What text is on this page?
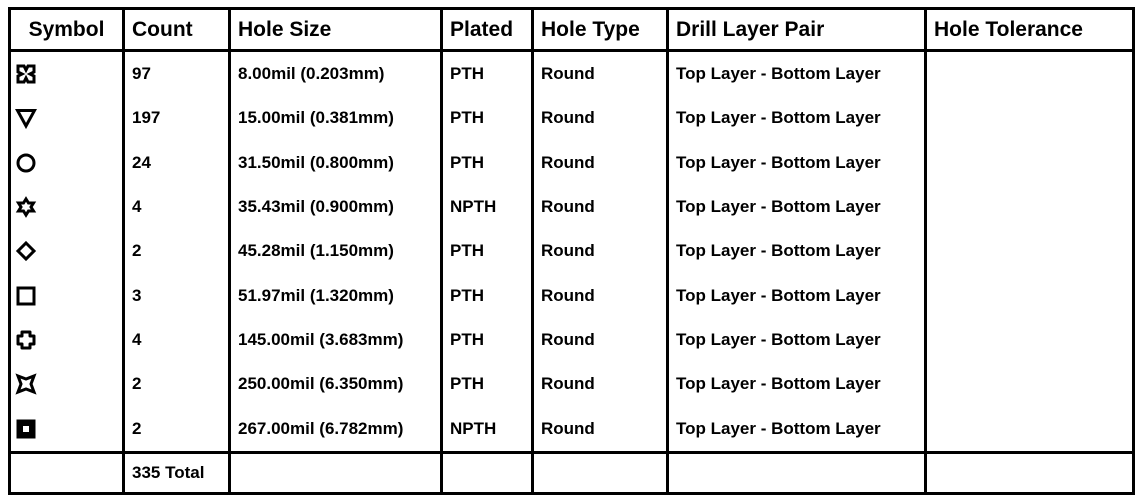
Symbol	Count	Hole Size	Plated	Hole Type	Drill Layer Pair	Hole Tolerance

	97	8.00mil (0.203mm)	PTH	Round	Top Layer - Bottom Layer	

	197	15.00mil (0.381mm)	PTH	Round	Top Layer - Bottom Layer	

	24	31.50mil (0.800mm)	PTH	Round	Top Layer - Bottom Layer	

	4	35.43mil (0.900mm)	NPTH	Round	Top Layer - Bottom Layer	

	2	45.28mil (1.150mm)	PTH	Round	Top Layer - Bottom Layer	

	3	51.97mil (1.320mm)	PTH	Round	Top Layer - Bottom Layer	

	4	145.00mil (3.683mm)	PTH	Round	Top Layer - Bottom Layer	

	2	250.00mil (6.350mm)	PTH	Round	Top Layer - Bottom Layer	

	2	267.00mil (6.782mm)	NPTH	Round	Top Layer - Bottom Layer	
	335 Total					
